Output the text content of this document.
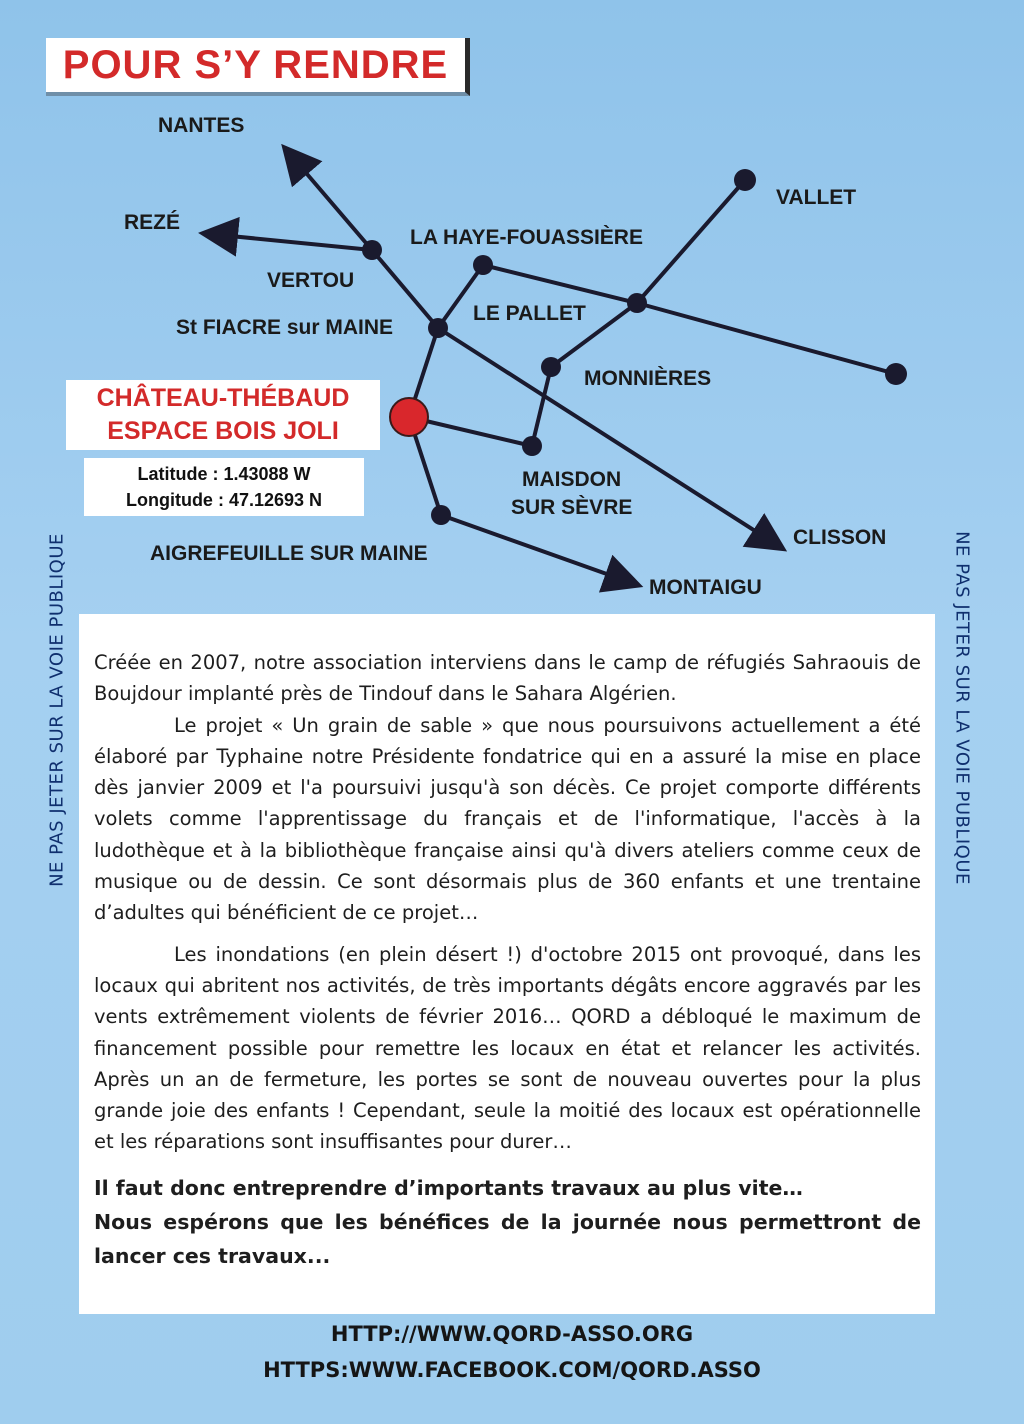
POUR S’Y RENDRE
NANTES
REZÉ
VERTOU
St FIACRE sur MAINE
LA HAYE-FOUASSIÈRE
VALLET
LE PALLET
MONNIÈRES
MAISDON
SUR SÈVRE
CLISSON
AIGREFEUILLE SUR MAINE
MONTAIGU
CHÂTEAU-THÉBAUD
ESPACE BOIS JOLI
Latitude : 1.43088 W
Longitude : 47.12693 N
NE PAS JETER SUR LA VOIE PUBLIQUE	NE PAS JETER SUR LA VOIE PUBLIQUE

Créée en 2007, notre association interviens dans le camp de réfugiés Sahraouis de Boujdour implanté près de Tindouf dans le Sahara Algérien.

Le projet « Un grain de sable » que nous poursuivons actuellement a été élaboré par Typhaine notre Présidente fondatrice qui en a assuré la mise en place dès janvier 2009 et l'a poursuivi jusqu'à son décès. Ce projet comporte différents volets comme l'apprentissage du français et de l'informatique, l'accès à la ludothèque et à la bibliothèque française ainsi qu'à divers ateliers comme ceux de musique ou de dessin. Ce sont désormais plus de 360 enfants et une trentaine d’adultes qui bénéficient de ce projet…

Les inondations (en plein désert !) d'octobre 2015 ont provoqué, dans les locaux qui abritent nos activités, de très importants dégâts encore aggravés par les vents extrêmement violents de février 2016… QORD a débloqué le maximum de financement possible pour remettre les locaux en état et relancer les activités. Après un an de fermeture, les portes se sont de nouveau ouvertes pour la plus grande joie des enfants ! Cependant, seule la moitié des locaux est opérationnelle et les réparations sont insuffisantes pour durer…

Il faut donc entreprendre d’importants travaux au plus vite…

Nous espérons que les bénéfices de la journée nous permettront de lancer ces travaux...

HTTP://WWW.QORD-ASSO.ORG
HTTPS:WWW.FACEBOOK.COM/QORD.ASSO
